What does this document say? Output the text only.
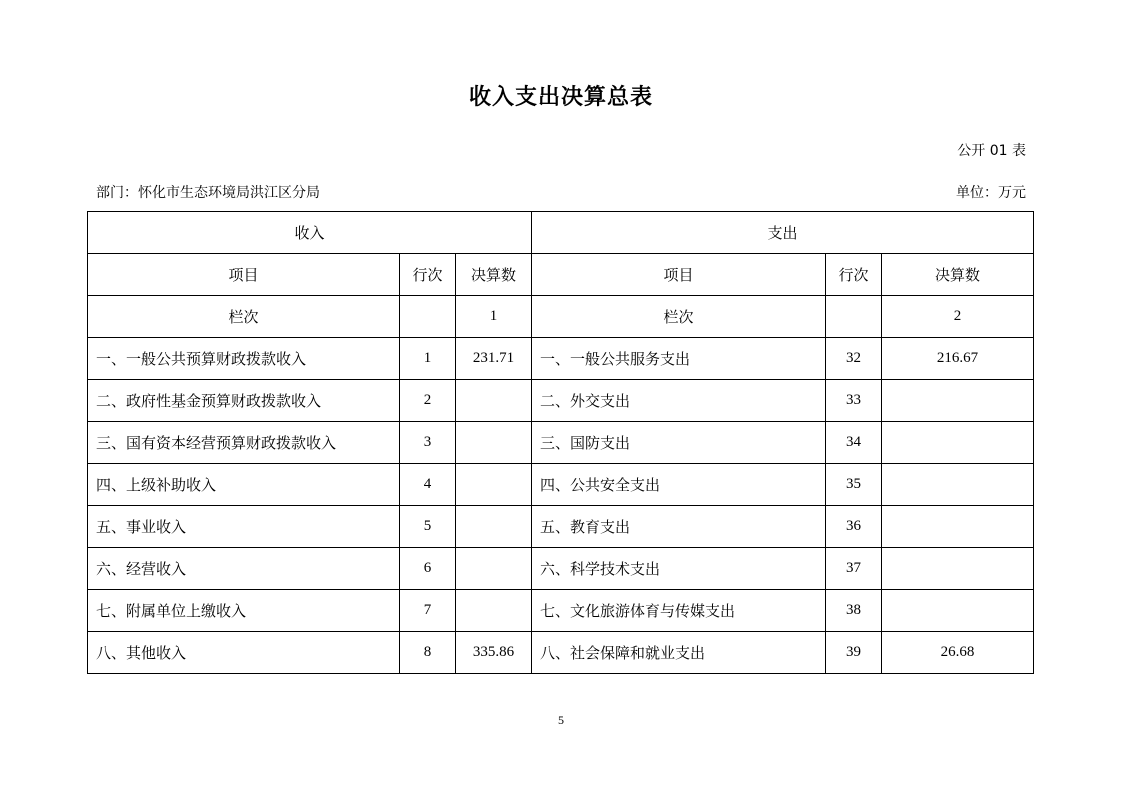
收入支出决算总表
公开 01 表
部门：怀化市生态环境局洪江区分局	单位：万元
收入			支出		
项目	行次	决算数	项目	行次	决算数
栏次		1	栏次		2
一、一般公共预算财政拨款收入	1	231.71	一、一般公共服务支出	32	216.67
二、政府性基金预算财政拨款收入	2		二、外交支出	33	
三、国有资本经营预算财政拨款收入	3		三、国防支出	34	
四、上级补助收入	4		四、公共安全支出	35	
五、事业收入	5		五、教育支出	36	
六、经营收入	6		六、科学技术支出	37	
七、附属单位上缴收入	7		七、文化旅游体育与传媒支出	38	
八、其他收入	8	335.86	八、社会保障和就业支出	39	26.68
5
